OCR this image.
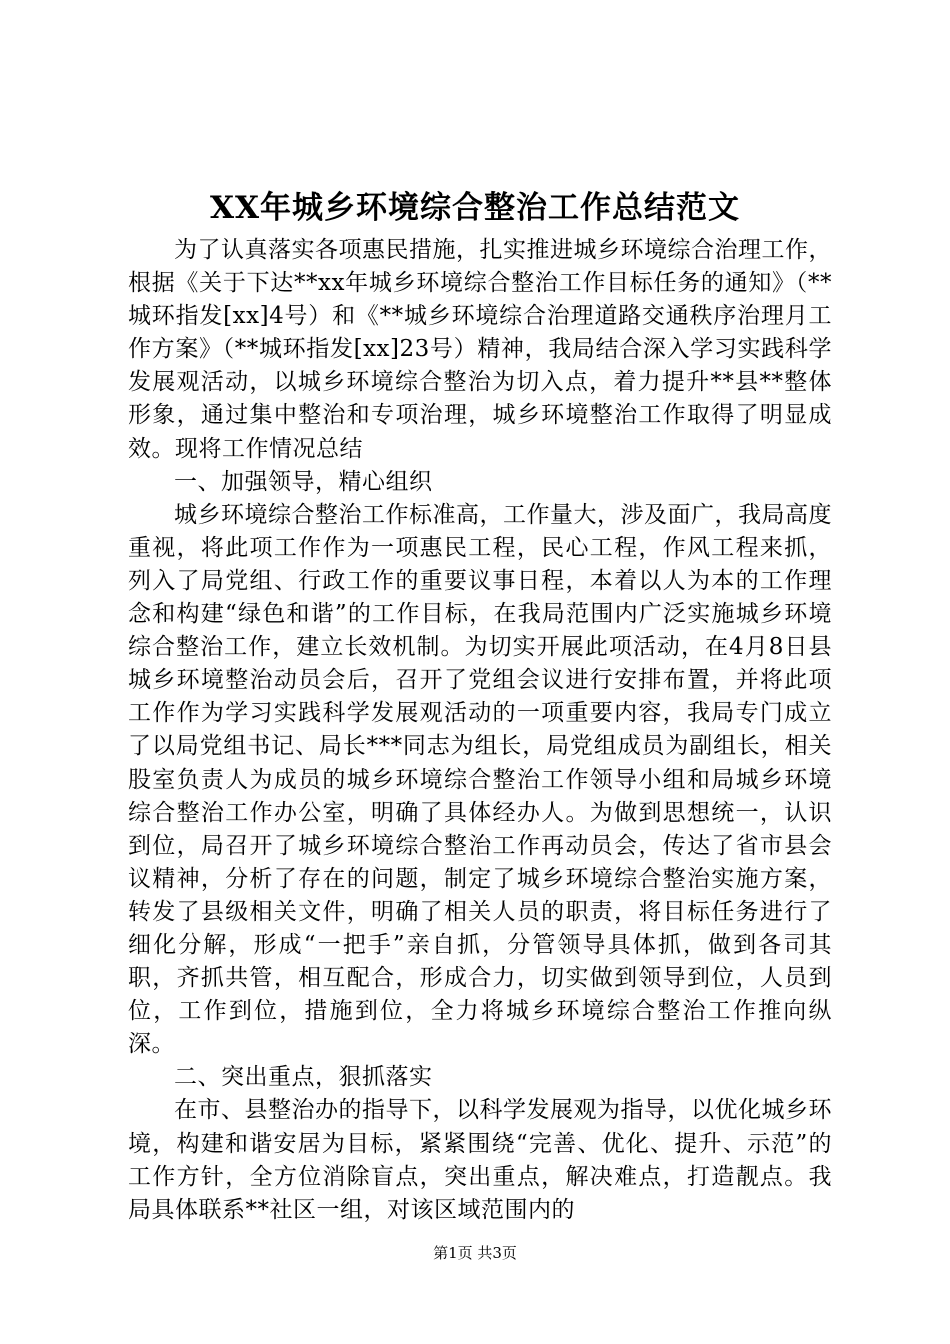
XX年城乡环境综合整治工作总结范文

为了认真落实各项惠民措施，扎实推进城乡环境综合治理工作，根据《关于下达**xx年城乡环境综合整治工作目标任务的通知》（**城环指发[xx]4号）和《**城乡环境综合治理道路交通秩序治理月工作方案》（**城环指发[xx]23号）精神，我局结合深入学习实践科学发展观活动，以城乡环境综合整治为切入点，着力提升**县**整体形象，通过集中整治和专项治理，城乡环境整治工作取得了明显成效。现将工作情况总结

一、加强领导，精心组织

城乡环境综合整治工作标准高，工作量大，涉及面广，我局高度重视，将此项工作作为一项惠民工程，民心工程，作风工程来抓，列入了局党组、行政工作的重要议事日程，本着以人为本的工作理念和构建“绿色和谐”的工作目标，在我局范围内广泛实施城乡环境综合整治工作，建立长效机制。为切实开展此项活动，在4月8日县城乡环境整治动员会后，召开了党组会议进行安排布置，并将此项工作作为学习实践科学发展观活动的一项重要内容，我局专门成立了以局党组书记、局长***同志为组长，局党组成员为副组长，相关股室负责人为成员的城乡环境综合整治工作领导小组和局城乡环境综合整治工作办公室，明确了具体经办人。为做到思想统一，认识到位，局召开了城乡环境综合整治工作再动员会，传达了省市县会议精神，分析了存在的问题，制定了城乡环境综合整治实施方案，转发了县级相关文件，明确了相关人员的职责，将目标任务进行了细化分解，形成“一把手”亲自抓，分管领导具体抓，做到各司其职，齐抓共管，相互配合，形成合力，切实做到领导到位，人员到位，工作到位，措施到位，全力将城乡环境综合整治工作推向纵深。

二、突出重点，狠抓落实

在市、县整治办的指导下，以科学发展观为指导，以优化城乡环境，构建和谐安居为目标，紧紧围绕“完善、优化、提升、示范”的工作方针，全方位消除盲点，突出重点，解决难点，打造靓点。我局具体联系**社区一组，对该区域范围内的

第1页 共3页
